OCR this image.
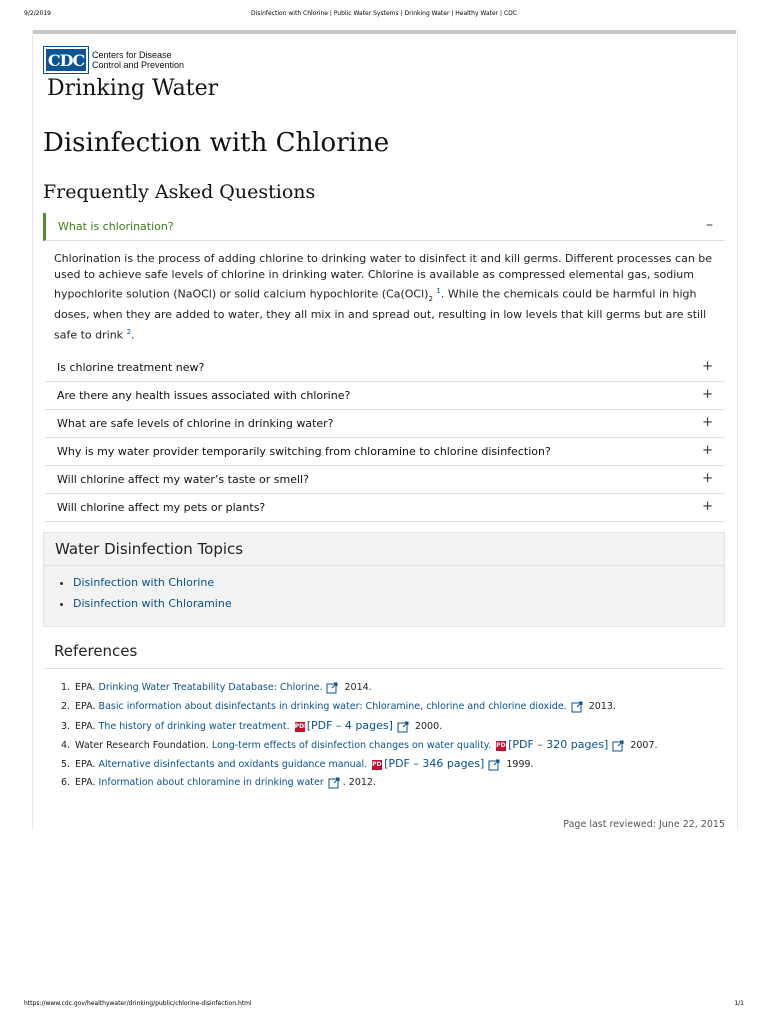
9/2/2019	Disinfection with Chlorine | Public Water Systems | Drinking Water | Healthy Water | CDC
CDC Centers for Disease
Control and Prevention
Drinking Water
Disinfection with Chlorine
Frequently Asked Questions
What is chlorination?	–
Chlorination is the process of adding chlorine to drinking water to disinfect it and kill germs. Different processes can be used to achieve safe levels of chlorine in drinking water. Chlorine is available as compressed elemental gas, sodium hypochlorite solution (NaOCl) or solid calcium hypochlorite ($Ca(OCl)_2$ $^1$. While the chemicals could be harmful in high doses, when they are added to water, they all mix in and spread out, resulting in low levels that kill germs but are still safe to drink $^2$.
Is chlorine treatment new?	+
Are there any health issues associated with chlorine?	+
What are safe levels of chlorine in drinking water?	+
Why is my water provider temporarily switching from chloramine to chlorine disinfection?	+
Will chlorine affect my water’s taste or smell?	+
Will chlorine affect my pets or plants?	+
Water Disinfection Topics
• Disinfection with Chlorine
• Disinfection with Chloramine
References
1. EPA. Drinking Water Treatability Database: Chlorine. 2014.
2. EPA. Basic information about disinfectants in drinking water: Chloramine, chlorine and chlorine dioxide. 2013.
3. EPA. The history of drinking water treatment. PDF[PDF – 4 pages] 2000.
4. Water Research Foundation. Long-term effects of disinfection changes on water quality. PDF[PDF – 320 pages] 2007.
5. EPA. Alternative disinfectants and oxidants guidance manual. PDF[PDF – 346 pages] 1999.
6. EPA. Information about chloramine in drinking water . 2012.
Page last reviewed: June 22, 2015
https://www.cdc.gov/healthywater/drinking/public/chlorine-disinfection.html	1/1
